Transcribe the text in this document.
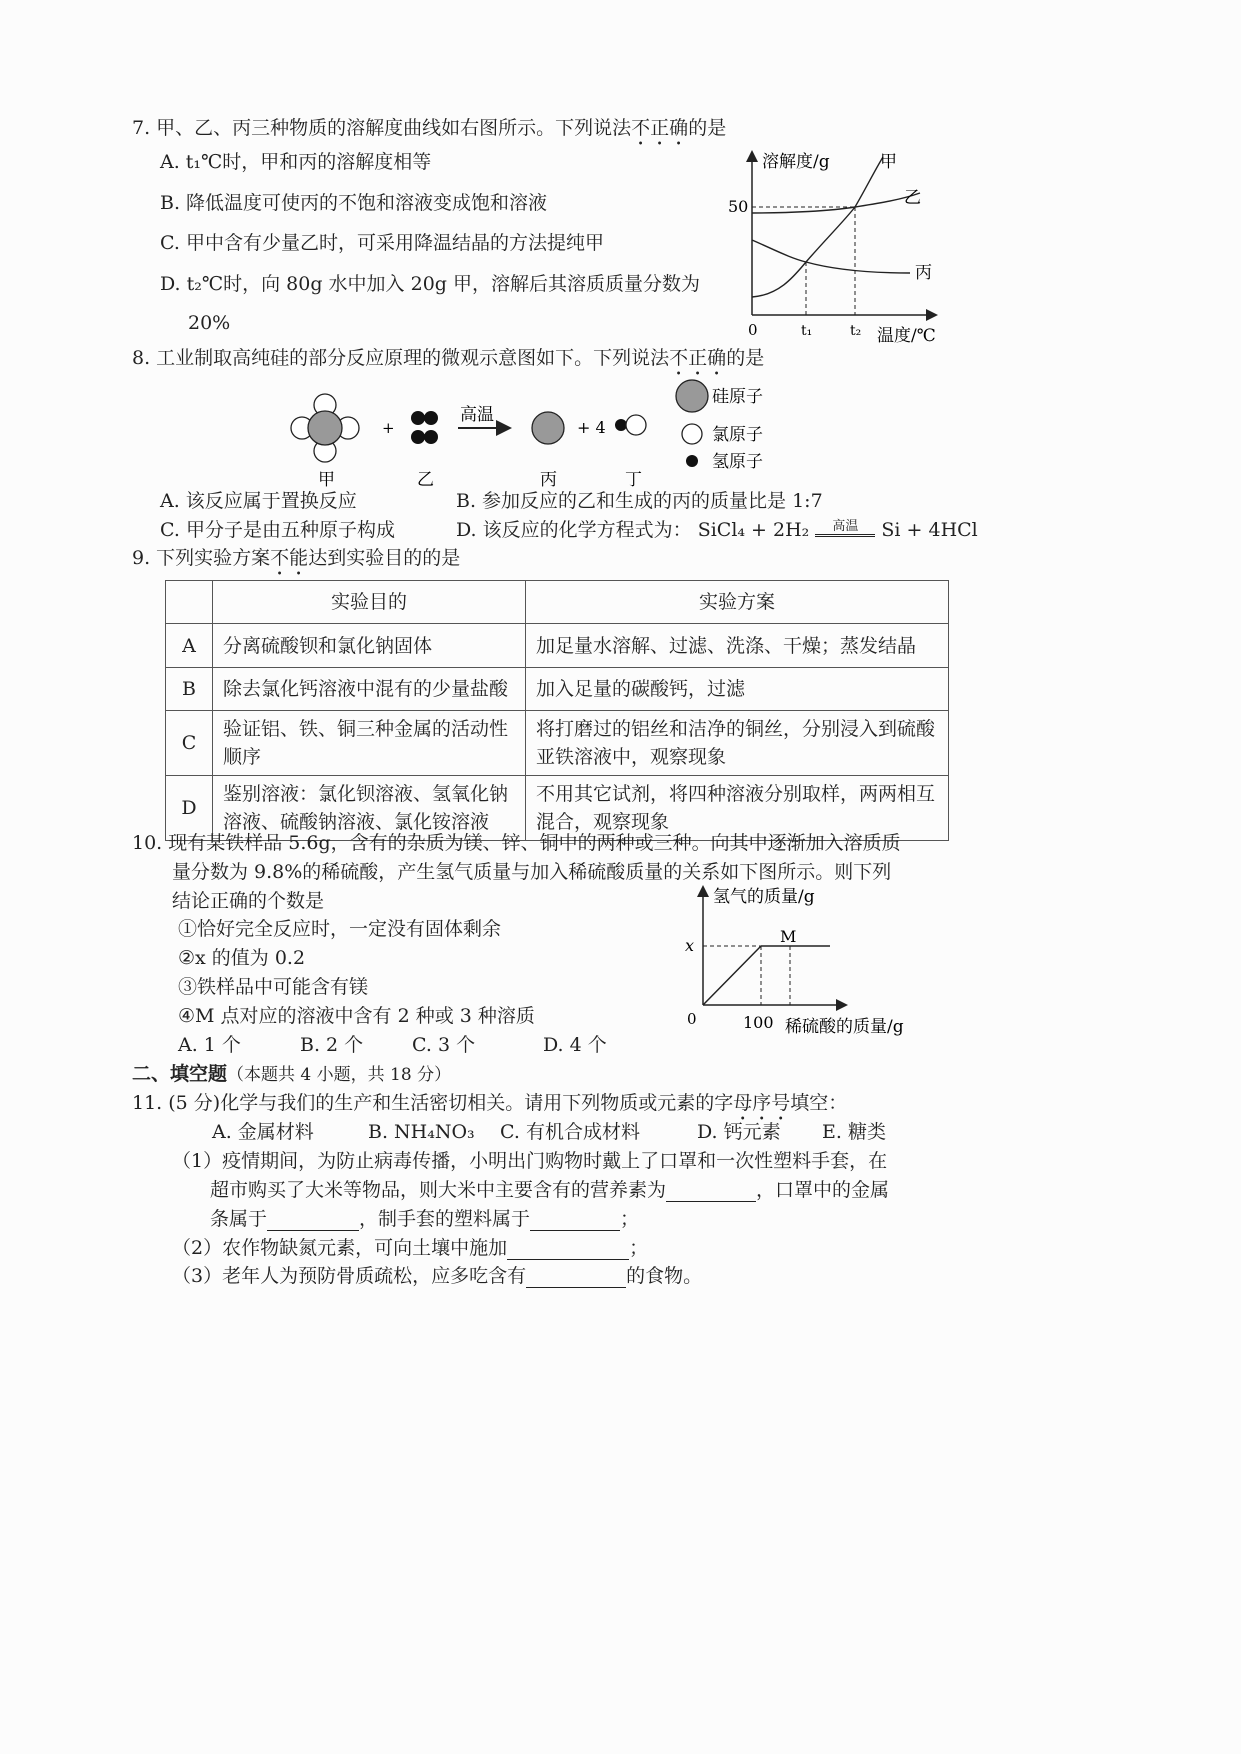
7. 甲、乙、丙三种物质的溶解度曲线如右图所示。下列说法不正确的是
A. t₁℃时，甲和丙的溶解度相等
B. 降低温度可使丙的不饱和溶液变成饱和溶液
C. 甲中含有少量乙时，可采用降温结晶的方法提纯甲
D. t₂℃时，向 80g 水中加入 20g 甲，溶解后其溶质质量分数为
20%
溶解度/g	甲
乙
丙
50
0	t₁	t₂ 温度/℃
8. 工业制取高纯硅的部分反应原理的微观示意图如下。下列说法不正确的是
+
高温
+ 4
甲	乙	丙	丁
硅原子
氯原子
氢原子
A. 该反应属于置换反应	B. 参加反应的乙和生成的丙的质量比是 1:7
C. 甲分子是由五种原子构成	D. 该反应的化学方程式为： SiCl₄ + 2H₂ 高温 Si + 4HCl
9. 下列实验方案不能达到实验目的的是
	实验目的	实验方案
A	分离硫酸钡和氯化钠固体	加足量水溶解、过滤、洗涤、干燥；蒸发结晶
B	除去氯化钙溶液中混有的少量盐酸	加入足量的碳酸钙，过滤
C	验证铝、铁、铜三种金属的活动性顺序	将打磨过的铝丝和洁净的铜丝，分别浸入到硫酸亚铁溶液中，观察现象
D	鉴别溶液：氯化钡溶液、氢氧化钠溶液、硫酸钠溶液、氯化铵溶液	不用其它试剂，将四种溶液分别取样，两两相互混合，观察现象
10. 现有某铁样品 5.6g，含有的杂质为镁、锌、铜中的两种或三种。向其中逐渐加入溶质质
量分数为 9.8%的稀硫酸，产生氢气质量与加入稀硫酸质量的关系如下图所示。则下列
结论正确的个数是
①恰好完全反应时，一定没有固体剩余
②x 的值为 0.2
③铁样品中可能含有镁
④M 点对应的溶液中含有 2 种或 3 种溶质
A. 1 个	B. 2 个	C. 3 个	D. 4 个
氢气的质量/g
x	M
0	100 稀硫酸的质量/g
二、填空题（本题共 4 小题，共 18 分）
11. (5 分)化学与我们的生产和生活密切相关。请用下列物质或元素的字母序号填空：
A. 金属材料	B. NH₄NO₃ C. 有机合成材料	D. 钙元素 E. 糖类
（1）疫情期间，为防止病毒传播，小明出门购物时戴上了口罩和一次性塑料手套，在
超市购买了大米等物品，则大米中主要含有的营养素为	，口罩中的金属
条属于	，制手套的塑料属于	；
（2）农作物缺氮元素，可向土壤中施加	；
（3）老年人为预防骨质疏松，应多吃含有	的食物。
